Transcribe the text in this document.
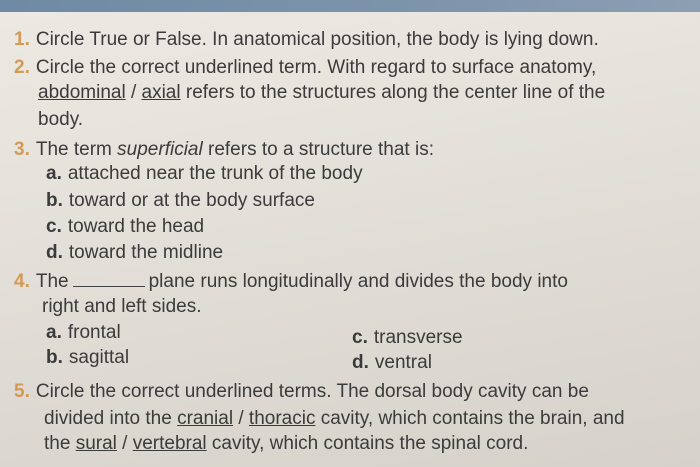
1. Circle True or False. In anatomical position, the body is lying down.
2. Circle the correct underlined term. With regard to surface anatomy,
abdominal / axial refers to the structures along the center line of the
body.
3. The term superficial refers to a structure that is:
a. attached near the trunk of the body
b. toward or at the body surface
c. toward the head
d. toward the midline
4. The	plane runs longitudinally and divides the body into
right and left sides.
a. frontal
b. sagittal
c. transverse
d. ventral
5. Circle the correct underlined terms. The dorsal body cavity can be
divided into the cranial / thoracic cavity, which contains the brain, and
the sural / vertebral cavity, which contains the spinal cord.
